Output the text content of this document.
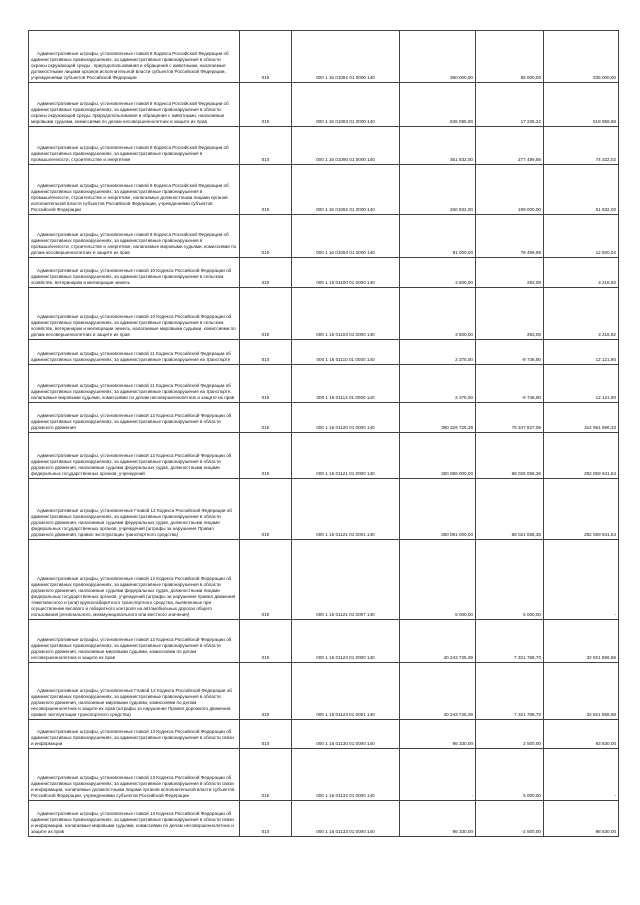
Административные штрафы, установленные главой 8 Кодекса Российской Федерации об административных правонарушениях, за административные правонарушения в области охраны окружающей среды , природопользования и обращения с животными, налагаемые должностными лицами органов исполнительной власти субъектов Российской Федерации, учреждениями субъектов Российской Федерации	010	000 1 16 01082 01 0000 140	390 000,00	55 000,00	335 000,00
Административные штрафы, установленные главой 8 Кодекса Российской Федерации об административных правонарушениях, за административные правонарушения в области охраны окружающей среды, природопользования и обращения с животными, налагаемые мировыми судьями, комиссиями по делам несовершеннолетних и защите их прав	010	000 1 16 01083 01 0000 140	536 095,00	17 235,32	518 859,68
Административные штрафы, установленные главой 9 Кодекса Российской Федерации об административных правонарушениях, за административные правонарушения в промышленности, строительстве и энергетике	010	000 1 16 01090 01 0000 140	351 832,00	277 499,98	74 332,02
Административные штрафы, установленные главой 9 Кодекса Российской Федерации об административных правонарушениях, за административные правонарушения в промышленности, строительстве и энергетике, налагаемые должностными лицами органов исполнительной власти субъектов Российской Федерации, учреждениями субъектов Российской Федерации	010	000 1 16 01092 01 0000 140	260 832,00	199 000,00	61 832,00
Административные штрафы, установленные главой 9 Кодекса Российской Федерации об административных правонарушениях, за административные правонарушения в промышленности, строительстве и энергетике, налагаемые мировыми судьями, комиссиями по делам несовершеннолетних и защите их прав	010	000 1 16 01093 01 0000 140	91 000,00	78 499,98	12 500,02
Административные штрафы, установленные главой 10 Кодекса Российской Федерации об административных правонарушениях, за административные правонарушения в сельском хозяйстве, ветеринарии и мелиорации земель	010	000 1 16 01100 01 0000 140	3 500,00	283,08	3 216,92
Административные штрафы, установленные главой 10 Кодекса Российской Федерации об административных правонарушениях, за административные правонарушения в сельском хозяйстве, ветеринарии и мелиорации земель, налагаемые мировыми судьями, комиссиями по делам несовершеннолетних и защите их прав	010	000 1 16 01103 01 0000 140	3 500,00	283,08	3 216,92
Административные штрафы, установленные главой 11 Кодекса Российской Федерации об административных правонарушениях, за административные правонарушения на транспорте	010	000 1 16 01110 01 0000 140	2 375,00	-9 746,90	12 121,90
Административные штрафы, установленные главой 11 Кодекса Российской Федерации об административных правонарушениях, за административные правонарушения на транспорте, налагаемые мировыми судьями, комиссиями по делам несовершеннолетних и защите их прав	010	000 1 16 01113 01 0000 140	2 375,00	-9 746,90	12 121,90
Административные штрафы, установленные главой 12 Кодекса Российской Федерации об административных правонарушениях, за административные правонарушения в области дорожного движения	010	000 1 16 01120 01 0000 140	390 329 725,39	75 347 827,06	314 981 898,33
Административные штрафы, установленные главой 12 Кодекса Российской Федерации об административных правонарушениях, за административные правонарушения в области дорожного движения, налагаемые судьями федеральных судов, должностными лицами федеральных государственных органов, учреждений	010	000 1 16 01121 01 0000 140	350 086 000,00	68 026 058,36	282 059 941,64
Административные штрафы, установленные Главой 12 Кодекса Российской Федерации об административных правонарушениях, за административные правонарушения в области дорожного движения, налагаемые судьями федеральных судов, должностными лицами федеральных государственных органов, учреждений (штрафы за нарушение Правил дорожного движения, правил эксплуатации транспортного средства)	010	000 1 16 01121 01 0001 140	350 081 000,00	68 021 058,36	282 059 941,64
Административные штрафы, установленные главой 12 Кодекса Российской Федерации об административных правонарушениях, за административные правонарушения в области дорожного движения, налагаемые судьями федеральных судов, должностными лицами федеральных государственных органов, учреждений (штрафы за нарушение правил движения тяжеловесного и (или) крупногабаритного транспортного средства, выявленные при осуществлении весового и габаритного контроля на автомобильных дорогах общего пользования регионального, межмуниципального или местного значения)	010	000 1 16 01121 01 0007 140	5 000,00	5 000,00	-
Административные штрафы, установленные главой 12 Кодекса Российской Федерации об административных правонарушениях, за административные правонарушения в области дорожного движения, налагаемые мировыми судьями, комиссиями по делам несовершеннолетних и защите их прав	010	000 1 16 01123 01 0000 140	40 243 725,39	7 321 768,70	32 921 956,69
Административные штрафы, установленные Главой 12 Кодекса Российской Федерации об административных правонарушениях, за административные правонарушения в области дорожного движения, налагаемые мировыми судьями, комиссиями по делам несовершеннолетних и защите их прав (штрафы за нарушение Правил дорожного движения, правил эксплуатации транспортного средства)	010	000 1 16 01123 01 0001 140	40 243 725,39	7 321 768,70	32 921 956,69
Административные штрафы, установленные главой 13 Кодекса Российской Федерации об административных правонарушениях, за административные правонарушения в области связи и информации	010	000 1 16 01130 01 0000 140	96 330,00	2 500,00	93 830,00
Административные штрафы, установленные главой 13 Кодекса Российской Федерации об административных правонарушениях, за административные правонарушения в области связи и информации, налагаемые должностными лицами органов исполнительной власти субъектов Российской Федерации, учреждениями субъектов Российской Федерации	010	000 1 16 01132 01 0000 140	-	5 000,00	-
Административные штрафы, установленные главой 13 Кодекса Российской Федерации об административных правонарушениях, за административные правонарушения в области связи и информации, налагаемые мировыми судьями, комиссиями по делам несовершеннолетних и защите их прав	010	000 1 16 01133 01 0000 140	96 330,00	-2 500,00	98 830,00
